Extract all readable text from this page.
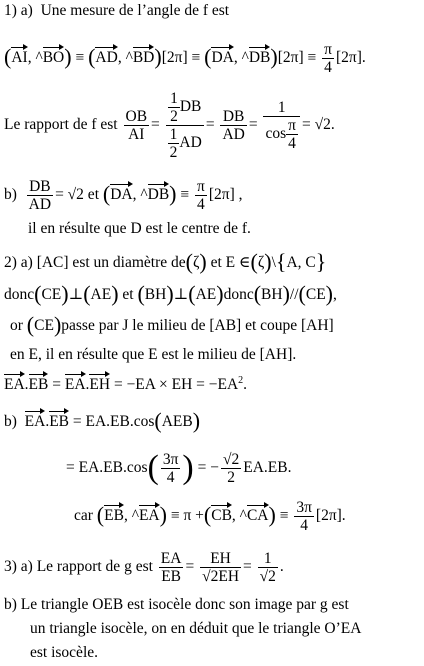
1) a) Une mesure de l’angle de f est
(AI, ^BO) ≡ (AD, ^BD)[2π] ≡ (DA, ^DB)[2π] ≡ $\frac{\pi}{4} [2\pi]$.
Le rapport de f est $\frac{OB}{AI} = \frac{\frac{1}{2} DB}{\frac{1}{2} AD} = \frac{DB}{AD} = \frac{1}{\cos \frac{\pi}{4}} = √2$.
$b) \frac{DB}{AD} = √2$ et (DA, ^DB) ≡ $\frac{\pi}{4} [2\pi]$ ,
il en résulte que D est le centre de f.
2) a) [AC] est un diamètre de(ζ) et E ∈(ζ)\{A, C}
donc(CE)⊥(AE) et (BH)⊥(AE)donc(BH)//(CE),
or (CE)passe par J le milieu de [AB] et coupe [AH]
en E, il en résulte que E est le milieu de [AH].
EA.EB = EA.EH = −EA × EH = $-EA^2$.
b) EA.EB = EA.EB.cos(AEB)
= $EA.EB.\cos( \frac{3\pi}{4}$ ) = − $\frac{√2}{2} EA.EB$.
car (EB, ^EA) ≡ π +(CB, ^CA) ≡ $\frac{3\pi}{4} [2\pi]$.
3) a) Le rapport de g est $\frac{EA}{EB} = \frac{EH}{√2EH} = \frac{1}{√2}$ .
b) Le triangle OEB est isocèle donc son image par g est
un triangle isocèle, on en déduit que le triangle O’EA
est isocèle.
